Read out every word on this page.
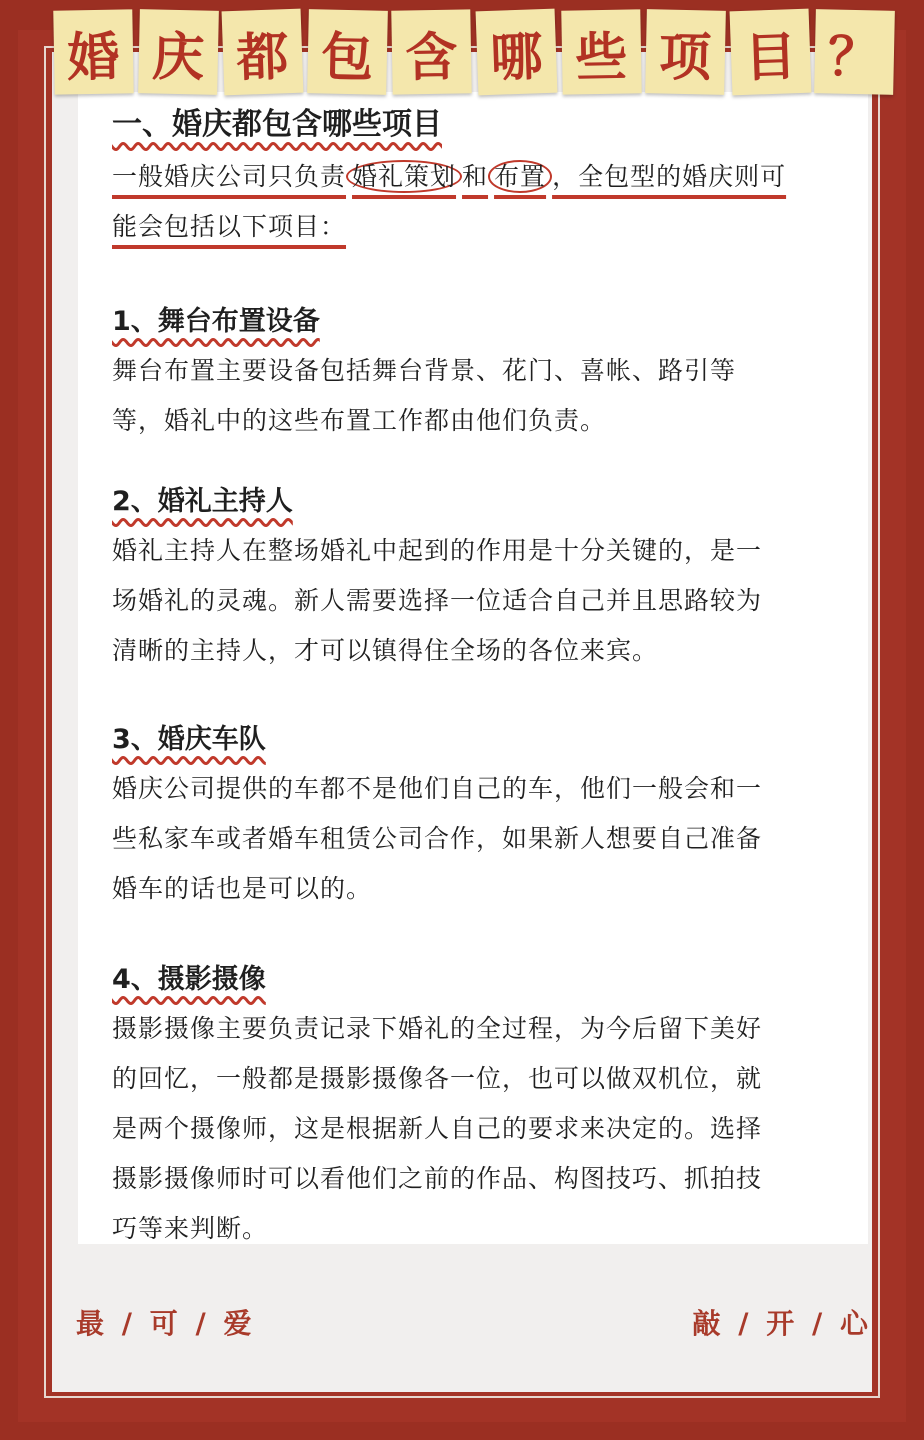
婚 庆 都 包 含 哪 些 项 目 ？
一、婚庆都包含哪些项目

一般婚庆公司只负责 婚礼策划 和 布置 ，全包型的婚庆则可

能会包括以下项目：

1、舞台布置设备

舞台布置主要设备包括舞台背景、花门、喜帐、路引等

等，婚礼中的这些布置工作都由他们负责。

2、婚礼主持人

婚礼主持人在整场婚礼中起到的作用是十分关键的，是一

场婚礼的灵魂。新人需要选择一位适合自己并且思路较为

清晰的主持人，才可以镇得住全场的各位来宾。

3、婚庆车队

婚庆公司提供的车都不是他们自己的车，他们一般会和一

些私家车或者婚车租赁公司合作，如果新人想要自己准备

婚车的话也是可以的。

4、摄影摄像

摄影摄像主要负责记录下婚礼的全过程，为今后留下美好

的回忆，一般都是摄影摄像各一位，也可以做双机位，就

是两个摄像师，这是根据新人自己的要求来决定的。选择

摄影摄像师时可以看他们之前的作品、构图技巧、抓拍技

巧等来判断。

最 / 可 / 爱	敲 / 开 / 心
